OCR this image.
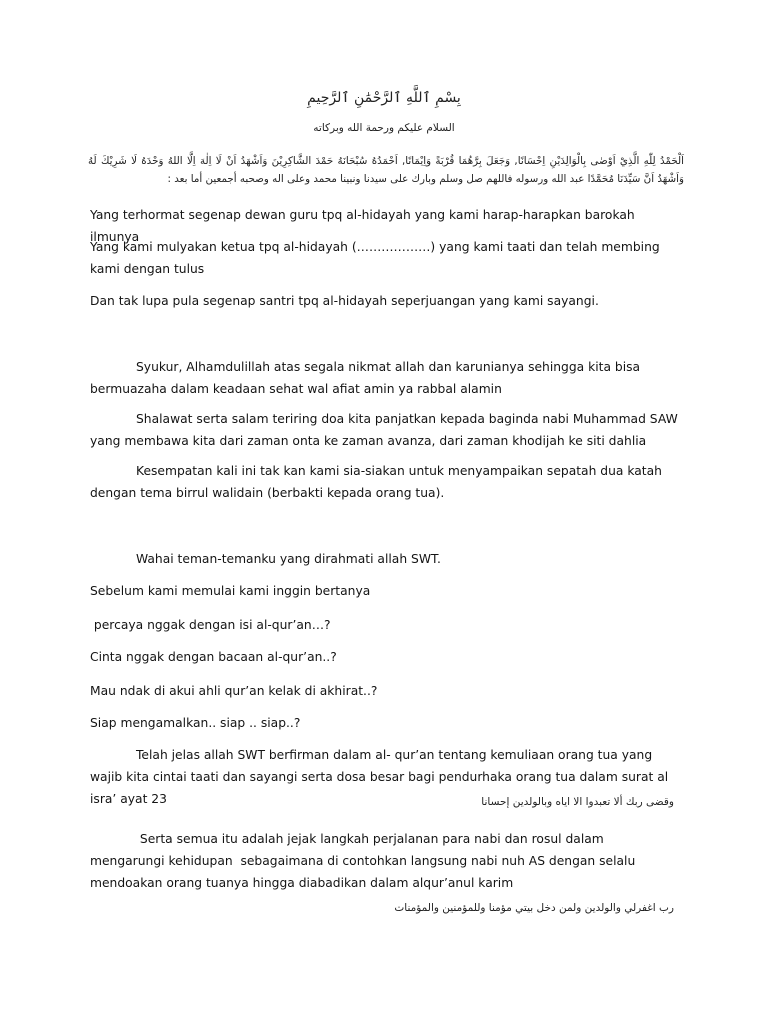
بِسْمِ ٱللَّهِ ٱلرَّحْمَٰنِ ٱلرَّحِيمِ

السلام عليكم ورحمة الله وبركاته

اَلْحَمْدُ لِلّٰهِ الَّذِيْ اَوْصٰى بِالْوَالِدَيْنِ اِحْسَانًا, وَجَعَلَ بِرَّهُمَا قُرْبَةً وَاِيْمَانًا, اَحْمَدُهُ سُبْحَانَهُ حَمْدَ الشَّاكِرِيْنَ وَاَشْهَدُ اَنْ لَا اِلٰهَ اِلَّا اللهُ وَحْدَهُ لَا شَرِيْكَ لَهُ وَاَشْهَدُ اَنَّ سَيِّدَنَا مُحَمَّدًا عبد الله ورسوله فاللهم صل وسلم وبارك على سيدنا ونبينا محمد وعلى اله وصحبه أجمعين أما بعد :

Yang terhormat segenap dewan guru tpq al-hidayah yang kami harap-harapkan barokah ilmunya

Yang kami mulyakan ketua tpq al-hidayah (………………) yang kami taati dan telah membing kami dengan tulus

Dan tak lupa pula segenap santri tpq al-hidayah seperjuangan yang kami sayangi.

Syukur, Alhamdulillah atas segala nikmat allah dan karunianya sehingga kita bisa bermuazaha dalam keadaan sehat wal afiat amin ya rabbal alamin

Shalawat serta salam teriring doa kita panjatkan kepada baginda nabi Muhammad SAW yang membawa kita dari zaman onta ke zaman avanza, dari zaman khodijah ke siti dahlia

Kesempatan kali ini tak kan kami sia-siakan untuk menyampaikan sepatah dua katah dengan tema birrul walidain (berbakti kepada orang tua).

Wahai teman-temanku yang dirahmati allah SWT.

Sebelum kami memulai kami inggin bertanya

percaya nggak dengan isi al-qur’an…?

Cinta nggak dengan bacaan al-qur’an..?

Mau ndak di akui ahli qur’an kelak di akhirat..?

Siap mengamalkan.. siap .. siap..?

Telah jelas allah SWT berfirman dalam al- qur’an tentang kemuliaan orang tua yang wajib kita cintai taati dan sayangi serta dosa besar bagi pendurhaka orang tua dalam surat al isra’ ayat 23	وقضى ربك ألا تعبدوا الا اياه وبالولدين إحسانا

Serta semua itu adalah jejak langkah perjalanan para nabi dan rosul dalam mengarungi kehidupan  sebagaimana di contohkan langsung nabi nuh AS dengan selalu mendoakan orang tuanya hingga diabadikan dalam alqur’anul karim

رب اغفرلي والولدين ولمن دخل بيتي مؤمنا وللمؤمنين والمؤمنات
